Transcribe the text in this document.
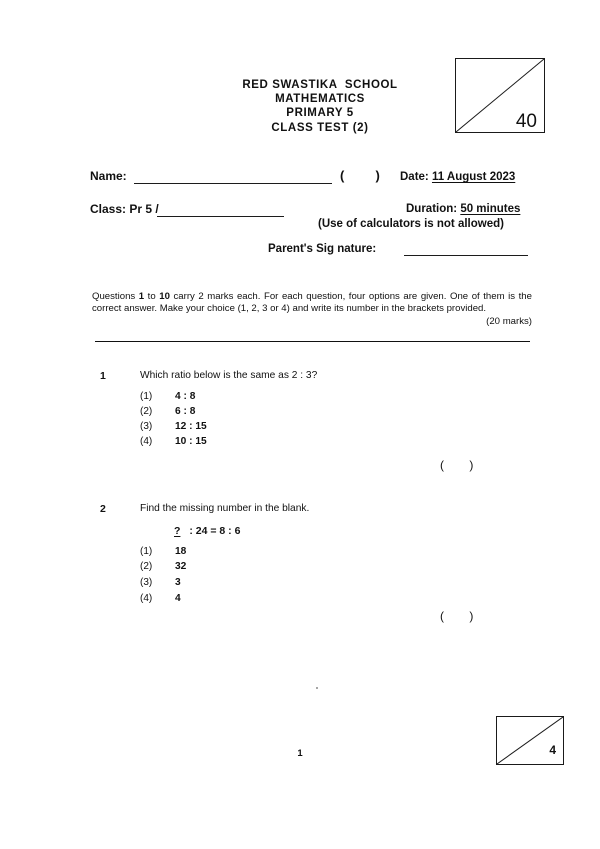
RED SWASTIKA  SCHOOL
MATHEMATICS
PRIMARY 5
CLASS TEST (2)	40
Name:	(  ) Date: 11 August 2023
Class: Pr 5 /	Duration: 50 minutes
(Use of calculators is not allowed)
Parent's Sig nature:
Questions 1 to 10 carry 2 marks each. For each question, four options are given. One of them is the correct answer. Make your choice (1, 2, 3 or 4) and write its number in the brackets provided.
(20 marks)
1	Which ratio below is the same as 2 : 3?
(1) 4 : 8
(2) 6 : 8
(3) 12 : 15
(4) 10 : 15
( )
2	Find the missing number in the blank.
? : 24 = 8 : 6
(1) 18
(2) 32
(3) 3
(4) 4
( )
1	4
